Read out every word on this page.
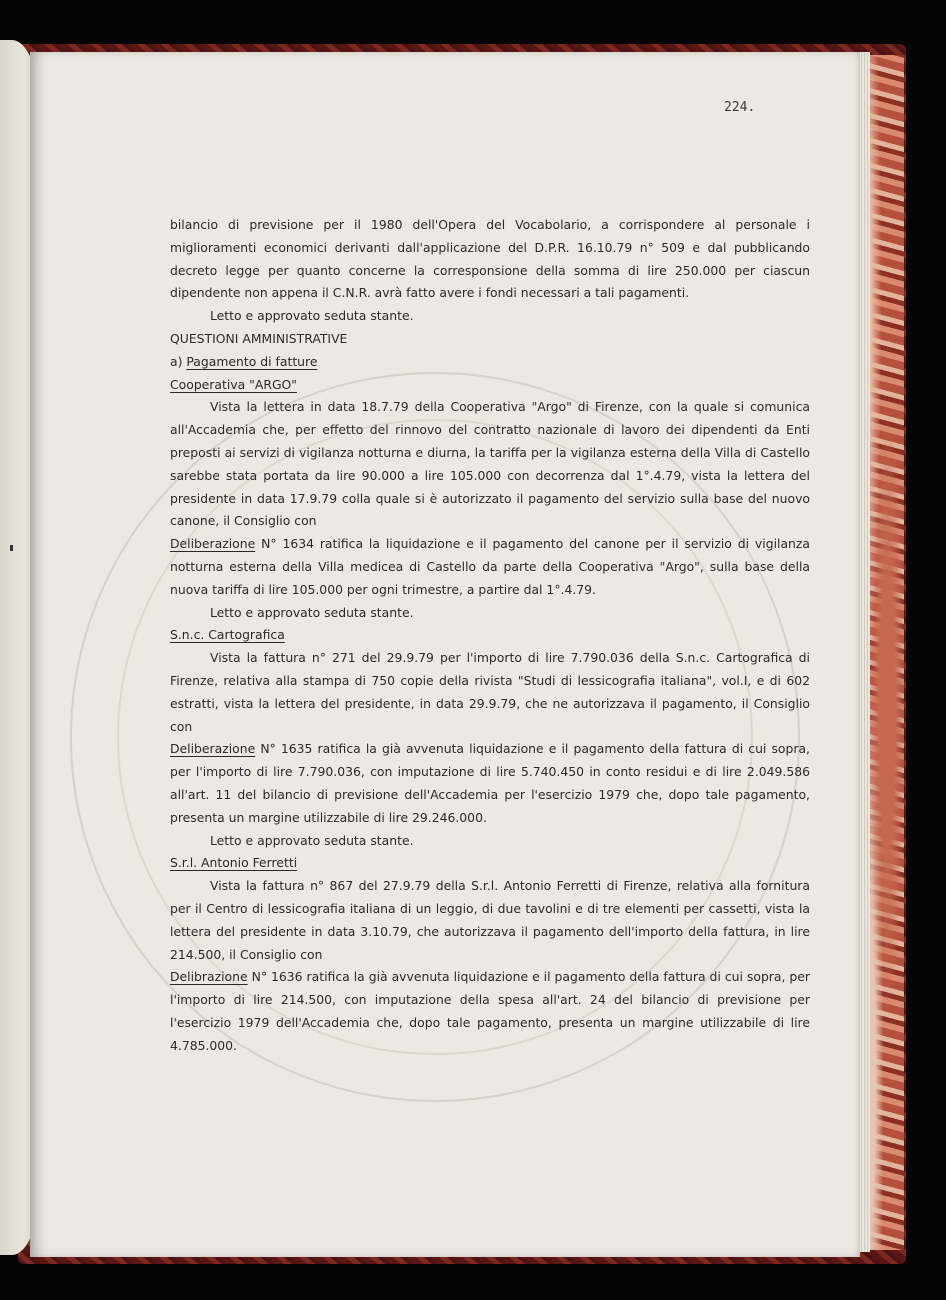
224.

bilancio di previsione per il 1980 dell'Opera del Vocabolario, a corrispondere al personale i miglioramenti economici derivanti dall'applicazione del D.P.R. 16.10.79 n° 509 e dal pubblicando decreto legge per quanto concerne la corresponsione della somma di lire 250.000 per ciascun dipendente non appena il C.N.R. avrà fatto avere i fondi necessari a tali pagamenti.

Letto e approvato seduta stante.

QUESTIONI AMMINISTRATIVE

a) Pagamento di fatture

Cooperativa "ARGO"

Vista la lettera in data 18.7.79 della Cooperativa "Argo" di Firenze, con la quale si comunica all'Accademia che, per effetto del rinnovo del contratto nazionale di lavoro dei dipendenti da Enti preposti ai servizi di vigilanza notturna e diurna, la tariffa per la vigilanza esterna della Villa di Castello sarebbe stata portata da lire 90.000 a lire 105.000 con decorrenza dal 1°.4.79, vista la lettera del presidente in data 17.9.79 colla quale si è autorizzato il pagamento del servizio sulla base del nuovo canone, il Consiglio con

Deliberazione N° 1634 ratifica la liquidazione e il pagamento del canone per il servizio di vigilanza notturna esterna della Villa medicea di Castello da parte della Cooperativa "Argo", sulla base della nuova tariffa di lire 105.000 per ogni trimestre, a partire dal 1°.4.79.

Letto e approvato seduta stante.

S.n.c. Cartografica

Vista la fattura n° 271 del 29.9.79 per l'importo di lire 7.790.036 della S.n.c. Cartografica di Firenze, relativa alla stampa di 750 copie della rivista "Studi di lessicografia italiana", vol.I, e di 602 estratti, vista la lettera del presidente, in data 29.9.79, che ne autorizzava il pagamento, il Consiglio con

Deliberazione N° 1635 ratifica la già avvenuta liquidazione e il pagamento della fattura di cui sopra, per l'importo di lire 7.790.036, con imputazione di lire 5.740.450 in conto residui e di lire 2.049.586 all'art. 11 del bilancio di previsione dell'Accademia per l'esercizio 1979 che, dopo tale pagamento, presenta un margine utilizzabile di lire 29.246.000.

Letto e approvato seduta stante.

S.r.l. Antonio Ferretti

Vista la fattura n° 867 del 27.9.79 della S.r.l. Antonio Ferretti di Firenze, relativa alla fornitura per il Centro di lessicografia italiana di un leggio, di due tavolini e di tre elementi per cassetti, vista la lettera del presidente in data 3.10.79, che autorizzava il pagamento dell'importo della fattura, in lire 214.500, il Consiglio con

Delibrazione N° 1636 ratifica la già avvenuta liquidazione e il pagamento della fattura di cui sopra, per l'importo di lire 214.500, con imputazione della spesa all'art. 24 del bilancio di previsione per l'esercizio 1979 dell'Accademia che, dopo tale pagamento, presenta un margine utilizzabile di lire 4.785.000.
